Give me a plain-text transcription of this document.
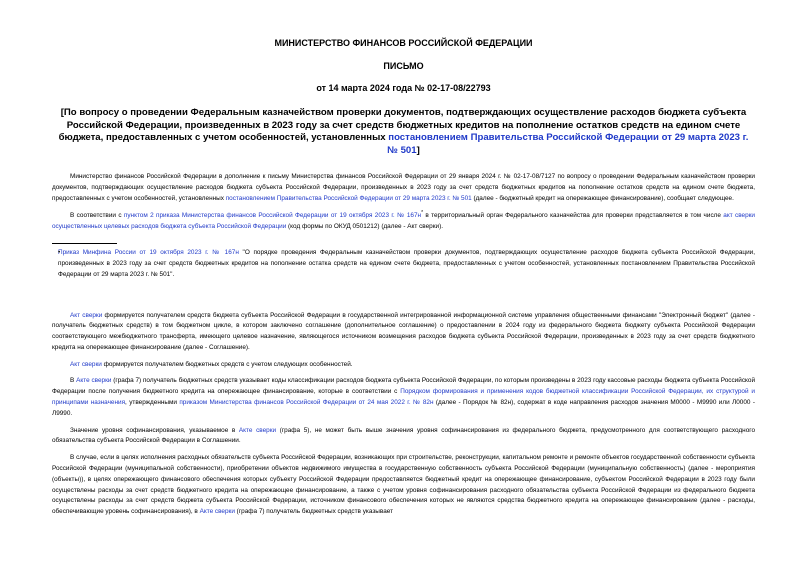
МИНИСТЕРСТВО ФИНАНСОВ РОССИЙСКОЙ ФЕДЕРАЦИИ
ПИСЬМО
от 14 марта 2024 года № 02-17-08/22793
[По вопросу о проведении Федеральным казначейством проверки документов, подтверждающих осуществление расходов бюджета субъекта Российской Федерации, произведенных в 2023 году за счет средств бюджетных кредитов на пополнение остатков средств на едином счете бюджета, предоставленных с учетом особенностей, установленных постановлением Правительства Российской Федерации от 29 марта 2023 г. № 501]

Министерство финансов Российской Федерации в дополнение к письму Министерства финансов Российской Федерации от 29 января 2024 г. № 02-17-08/7127 по вопросу о проведении Федеральным казначейством проверки документов, подтверждающих осуществление расходов бюджета субъекта Российской Федерации, произведенных в 2023 году за счет средств бюджетных кредитов на пополнение остатков средств на едином счете бюджета, предоставленных с учетом особенностей, установленных постановлением Правительства Российской Федерации от 29 марта 2023 г. № 501 (далее - бюджетный кредит на опережающее финансирование), сообщает следующее.

В соответствии с пунктом 2 приказа Министерства финансов Российской Федерации от 19 октября 2023 г. № 167н* в территориальный орган Федерального казначейства для проверки представляется в том числе акт сверки осуществленных целевых расходов бюджета субъекта Российской Федерации (код формы по ОКУД 0501212) (далее - Акт сверки).

• Приказ Минфина России от 19 октября 2023 г. № 167н "О порядке проведения Федеральным казначейством проверки документов, подтверждающих осуществление расходов бюджета субъекта Российской Федерации, произведенных в 2023 году за счет средств бюджетных кредитов на пополнение остатка средств на едином счете бюджета, предоставленных с учетом особенностей, установленных постановлением Правительства Российской Федерации от 29 марта 2023 г. № 501".

Акт сверки формируется получателем средств бюджета субъекта Российской Федерации в государственной интегрированной информационной системе управления общественными финансами "Электронный бюджет" (далее - получатель бюджетных средств) в том бюджетном цикле, в котором заключено соглашение (дополнительное соглашение) о предоставлении в 2024 году из федерального бюджета бюджету субъекта Российской Федерации соответствующего межбюджетного трансферта, имеющего целевое назначение, являющегося источником возмещения расходов бюджета субъекта Российской Федерации, произведенных в 2023 году за счет средств бюджетного кредита на опережающее финансирование (далее - Соглашение).

Акт сверки формируется получателем бюджетных средств с учетом следующих особенностей.

В Акте сверки (графа 7) получатель бюджетных средств указывает коды классификации расходов бюджета субъекта Российской Федерации, по которым произведены в 2023 году кассовые расходы бюджета субъекта Российской Федерации после получения бюджетного кредита на опережающее финансирование, которые в соответствии с Порядком формирования и применения кодов бюджетной классификации Российской Федерации, их структурой и принципами назначения, утвержденными приказом Министерства финансов Российской Федерации от 24 мая 2022 г. № 82н (далее - Порядок № 82н), содержат в коде направления расходов значения М0000 - М9990 или Л0000 - Л9990.

Значение уровня софинансирования, указываемое в Акте сверки (графа 5), не может быть выше значения уровня софинансирования из федерального бюджета, предусмотренного для соответствующего расходного обязательства субъекта Российской Федерации в Соглашении.

В случае, если в целях исполнения расходных обязательств субъекта Российской Федерации, возникающих при строительстве, реконструкции, капитальном ремонте и ремонте объектов государственной собственности субъекта Российской Федерации (муниципальной собственности), приобретении объектов недвижимого имущества в государственную собственность субъекта Российской Федерации (муниципальную собственность) (далее - мероприятия (объекты)), в целях опережающего финансового обеспечения которых субъекту Российской Федерации предоставляется бюджетный кредит на опережающее финансирование, субъектом Российской Федерации в 2023 году были осуществлены расходы за счет средств бюджетного кредита на опережающее финансирование, а также с учетом уровня софинансирования расходного обязательства субъекта Российской Федерации из федерального бюджета осуществлены расходы за счет средств бюджета субъекта Российской Федерации, источником финансового обеспечения которых не являются средства бюджетного кредита на опережающее финансирование (далее - расходы, обеспечивающие уровень софинансирования), в Акте сверки (графа 7) получатель бюджетных средств указывает
